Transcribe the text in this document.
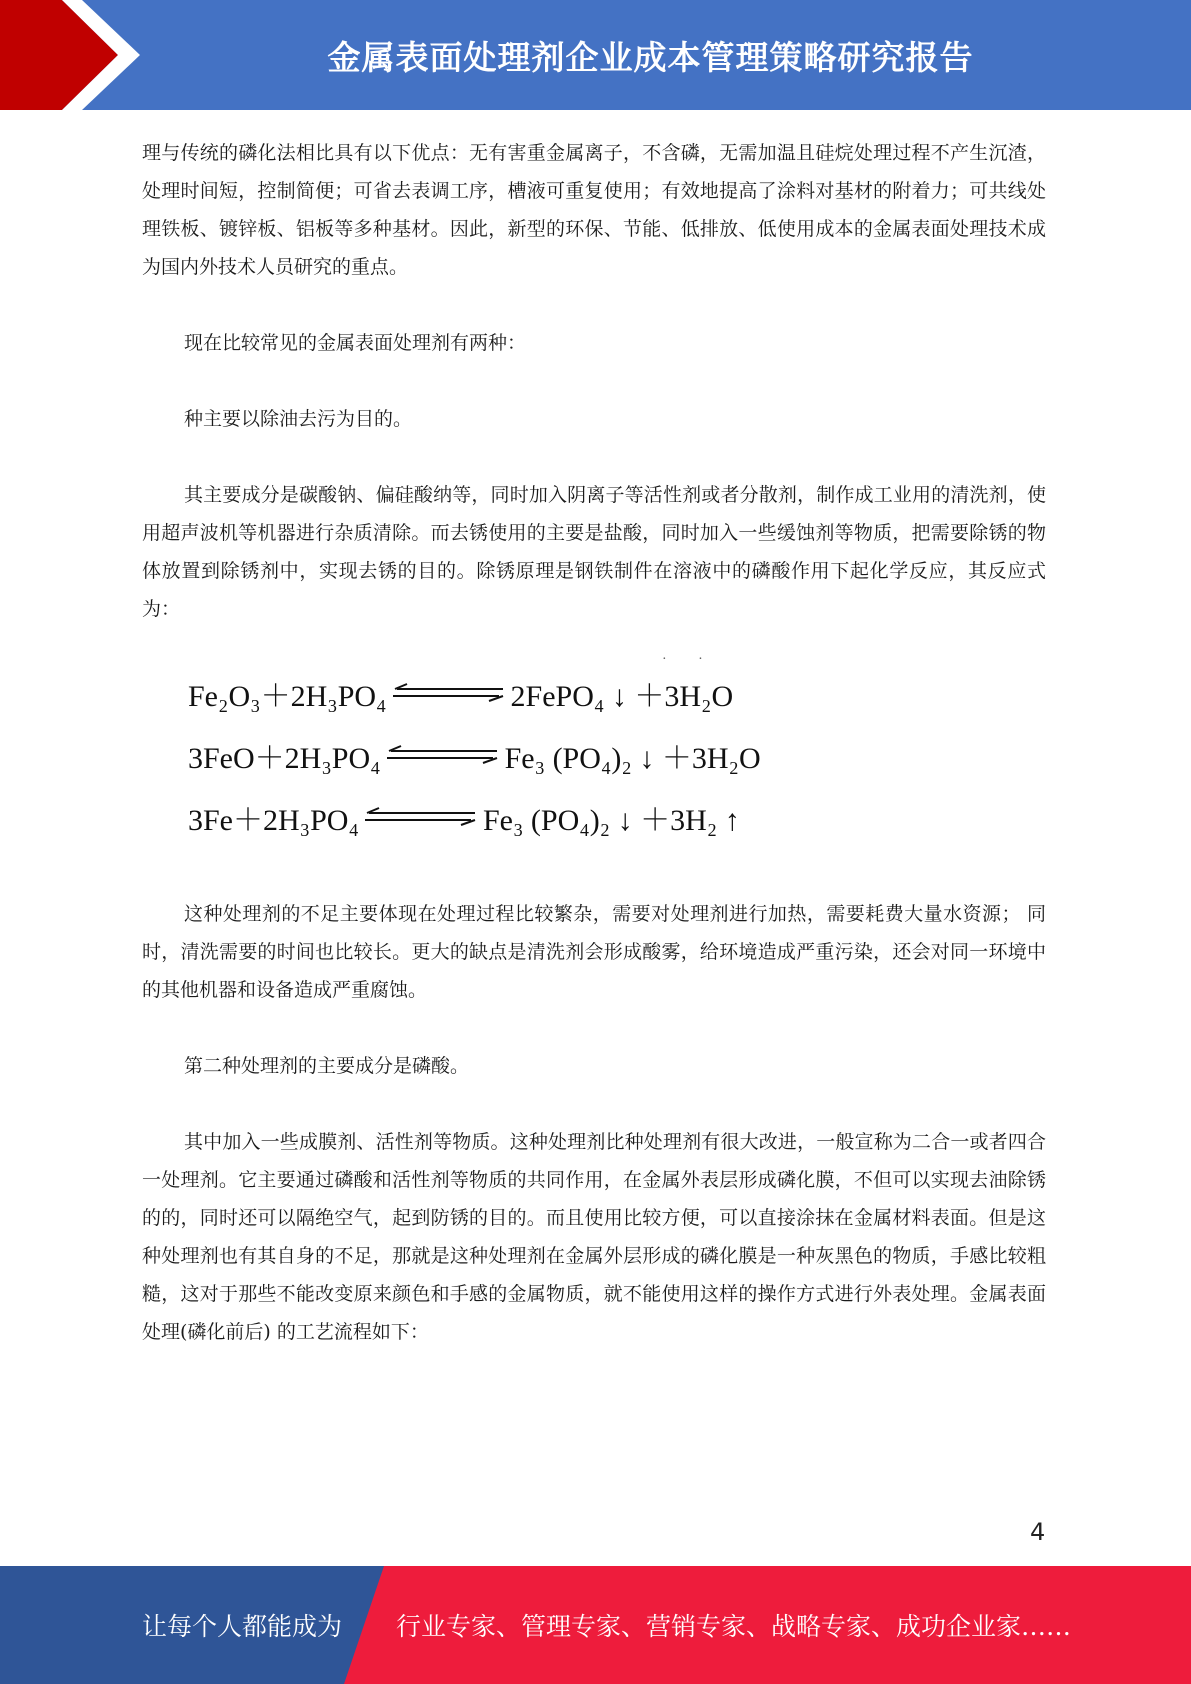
金属表面处理剂企业成本管理策略研究报告

理与传统的磷化法相比具有以下优点：无有害重金属离子，不含磷，无需加温且硅烷处理过程不产生沉渣，处理时间短，控制简便；可省去表调工序，槽液可重复使用；有效地提高了涂料对基材的附着力；可共线处理铁板、镀锌板、铝板等多种基材。因此，新型的环保、节能、低排放、低使用成本的金属表面处理技术成为国内外技术人员研究的重点。

现在比较常见的金属表面处理剂有两种：

种主要以除油去污为目的。

其主要成分是碳酸钠、偏硅酸纳等，同时加入阴离子等活性剂或者分散剂，制作成工业用的清洗剂，使用超声波机等机器进行杂质清除。而去锈使用的主要是盐酸，同时加入一些缓蚀剂等物质，把需要除锈的物体放置到除锈剂中，实现去锈的目的。除锈原理是钢铁制件在溶液中的磷酸作用下起化学反应，其反应式为：

· ·
Fe₂O₃＋2H₃PO₄ ⇌ 2FePO₄ ↓ ＋3H₂O
3FeO＋2H₃PO₄ ⇌ Fe₃ (PO₄)₂ ↓ ＋3H₂O
3Fe＋2H₃PO₄ ⇌ Fe₃ (PO₄)₂ ↓ ＋3H₂ ↑

这种处理剂的不足主要体现在处理过程比较繁杂，需要对处理剂进行加热，需要耗费大量水资源； 同时，清洗需要的时间也比较长。更大的缺点是清洗剂会形成酸雾，给环境造成严重污染，还会对同一环境中的其他机器和设备造成严重腐蚀。

第二种处理剂的主要成分是磷酸。

其中加入一些成膜剂、活性剂等物质。这种处理剂比种处理剂有很大改进，一般宣称为二合一或者四合一处理剂。它主要通过磷酸和活性剂等物质的共同作用，在金属外表层形成磷化膜，不但可以实现去油除锈的的，同时还可以隔绝空气，起到防锈的目的。而且使用比较方便，可以直接涂抹在金属材料表面。但是这种处理剂也有其自身的不足，那就是这种处理剂在金属外层形成的磷化膜是一种灰黑色的物质，手感比较粗糙，这对于那些不能改变原来颜色和手感的金属物质，就不能使用这样的操作方式进行外表处理。金属表面处理(磷化前后) 的工艺流程如下：

4
让每个人都能成为 行业专家、管理专家、营销专家、战略专家、成功企业家……
